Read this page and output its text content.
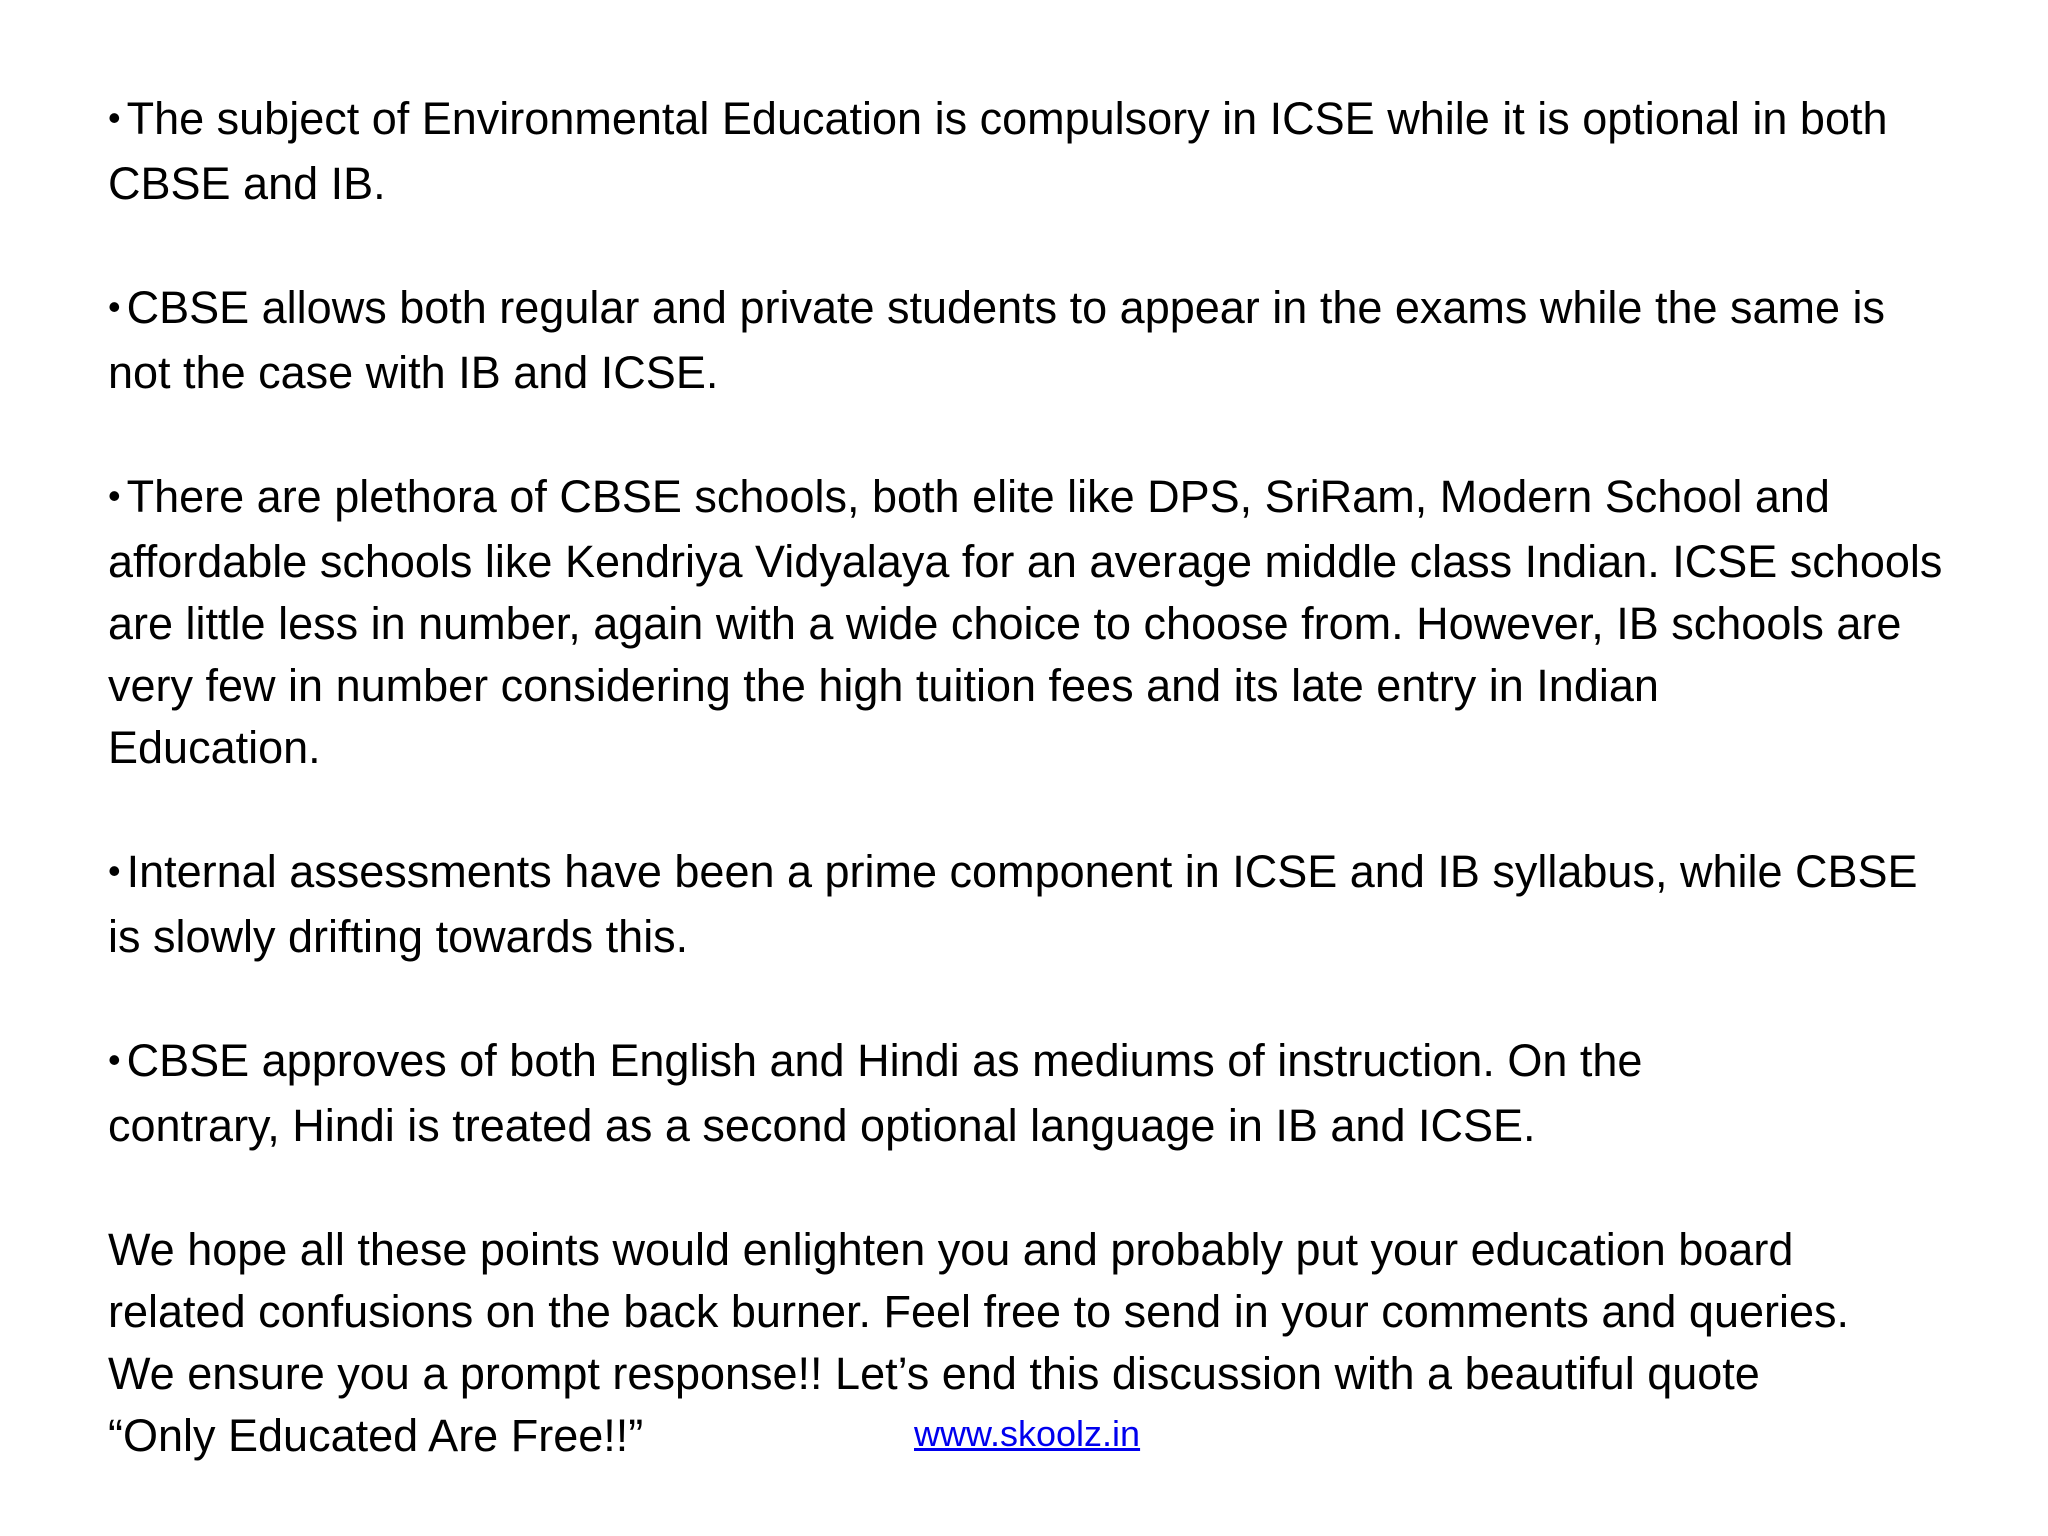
• The subject of Environmental Education is compulsory in ICSE while it is optional in both
CBSE and IB.

• CBSE allows both regular and private students to appear in the exams while the same is
not the case with IB and ICSE.

• There are plethora of CBSE schools, both elite like DPS, SriRam, Modern School and
affordable schools like Kendriya Vidyalaya for an average middle class Indian. ICSE schools
are little less in number, again with a wide choice to choose from. However, IB schools are
very few in number considering the high tuition fees and its late entry in Indian
Education.

• Internal assessments have been a prime component in ICSE and IB syllabus, while CBSE
is slowly drifting towards this.

• CBSE approves of both English and Hindi as mediums of instruction. On the
contrary, Hindi is treated as a second optional language in IB and ICSE.

We hope all these points would enlighten you and probably put your education board
related confusions on the back burner. Feel free to send in your comments and queries.
We ensure you a prompt response!! Let’s end this discussion with a beautiful quote
“Only Educated Are Free!!”	www.skoolz.in
